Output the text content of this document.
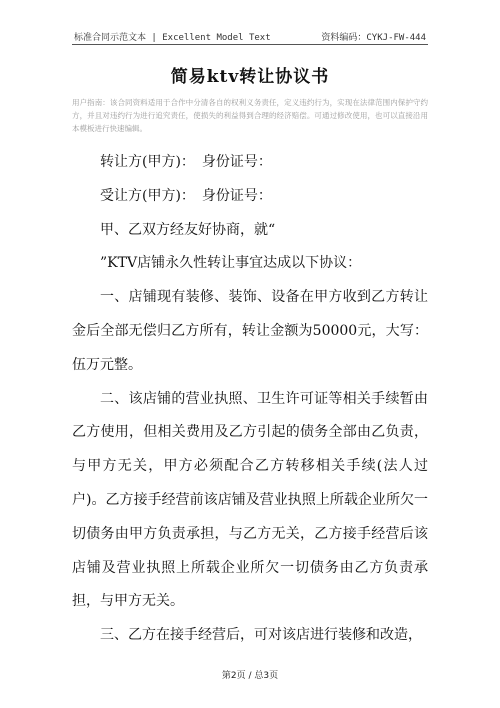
标准合同示范文本 | Excellent Model Text	资料编码：CYKJ-FW-444
简易ktv转让协议书
用户指南：该合同资料适用于合作中分清各自的权利义务责任，定义违约行为，实现在法律范围内保护守约方，并且对违约行为进行追究责任，使损失的利益得到合理的经济赔偿。可通过修改使用，也可以直接沿用本模板进行快速编辑。

转让方(甲方)：　身份证号：

受让方(甲方)：　身份证号：

甲、乙双方经友好协商，就“

”KTV店铺永久性转让事宜达成以下协议：

一、店铺现有装修、装饰、设备在甲方收到乙方转让金后全部无偿归乙方所有，转让金额为50000元，大写：伍万元整。

二、该店铺的营业执照、卫生许可证等相关手续暂由乙方使用，但相关费用及乙方引起的债务全部由乙负责，与甲方无关，甲方必须配合乙方转移相关手续(法人过户)。乙方接手经营前该店铺及营业执照上所载企业所欠一切债务由甲方负责承担，与乙方无关，乙方接手经营后该店铺及营业执照上所载企业所欠一切债务由乙方负责承担，与甲方无关。

三、乙方在接手经营后，可对该店进行装修和改造，

第2页 / 总3页
